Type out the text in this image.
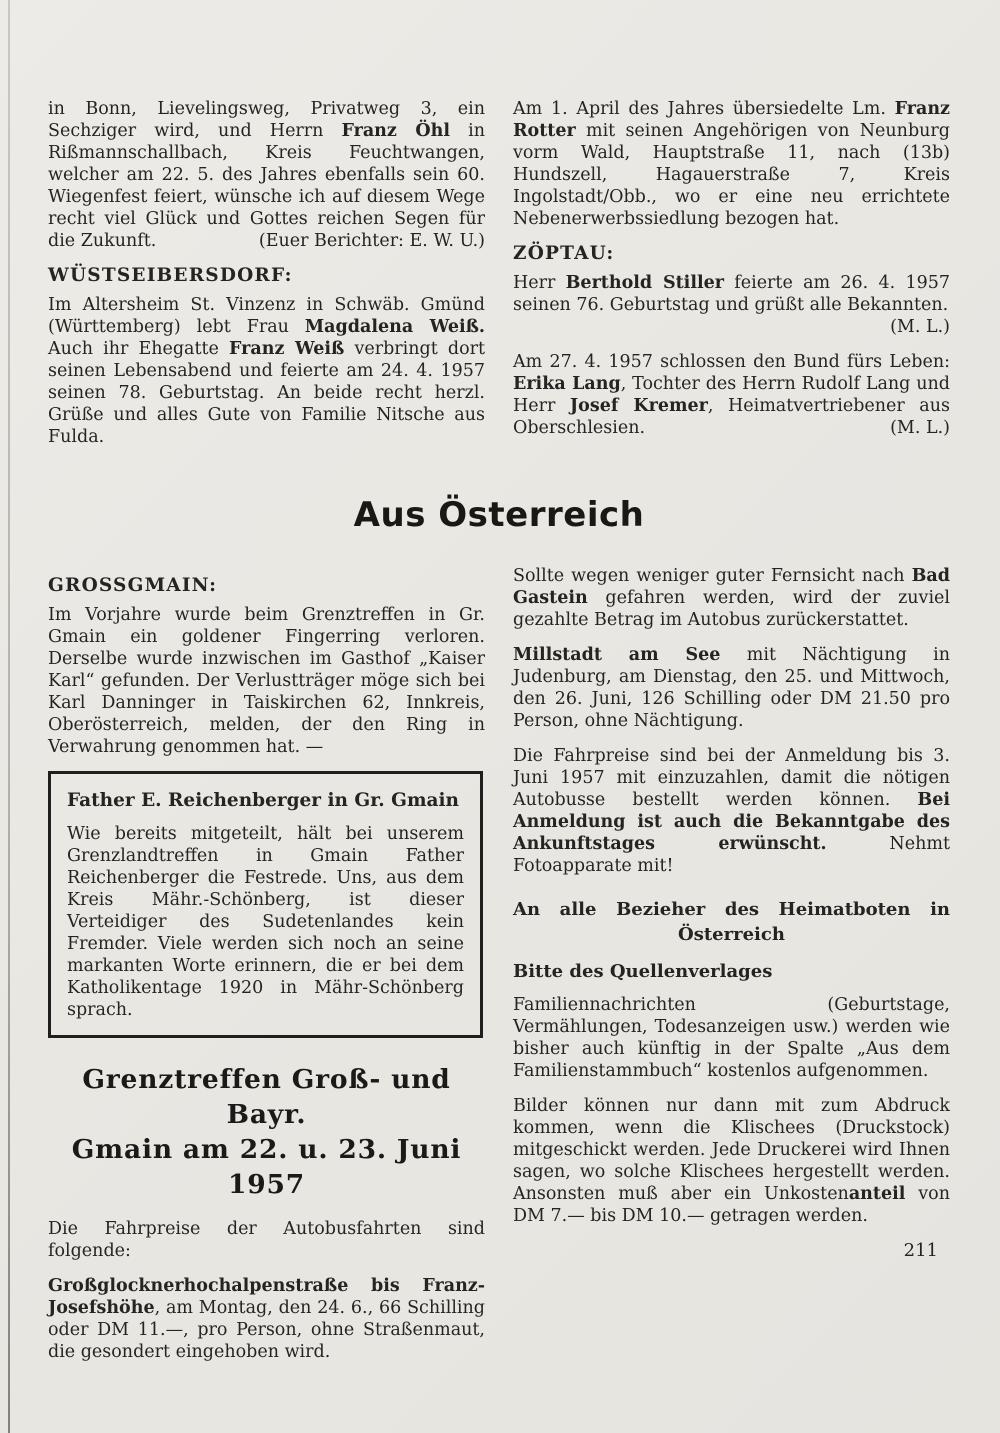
in Bonn, Lievelingsweg, Privatweg 3, ein Sechziger wird, und Herrn Franz Öhl in Rißmannschallbach, Kreis Feuchtwangen, welcher am 22. 5. des Jahres ebenfalls sein 60. Wiegenfest feiert, wünsche ich auf diesem Wege recht viel Glück und Gottes reichen Segen für die Zukunft.	(Euer Berichter: E. W. U.)

WÜSTSEIBERSDORF:

Im Altersheim St. Vinzenz in Schwäb. Gmünd (Württemberg) lebt Frau Magdalena Weiß. Auch ihr Ehegatte Franz Weiß verbringt dort seinen Lebensabend und feierte am 24. 4. 1957 seinen 78. Geburtstag. An beide recht herzl. Grüße und alles Gute von Familie Nitsche aus Fulda.

Am 1. April des Jahres übersiedelte Lm. Franz Rotter mit seinen Angehörigen von Neunburg vorm Wald, Hauptstraße 11, nach (13b) Hundszell, Hagauerstraße 7, Kreis Ingolstadt/Obb., wo er eine neu errichtete Nebenerwerbssiedlung bezogen hat.

ZÖPTAU:

Herr Berthold Stiller feierte am 26. 4. 1957 seinen 76. Geburtstag und grüßt alle Bekannten.
(M. L.)

Am 27. 4. 1957 schlossen den Bund fürs Leben: Erika Lang, Tochter des Herrn Rudolf Lang und Herr Josef Kremer, Heimatvertriebener aus Oberschlesien.	(M. L.)

Aus Österreich
GROSSGMAIN:

Im Vorjahre wurde beim Grenztreffen in Gr. Gmain ein goldener Fingerring verloren. Derselbe wurde inzwischen im Gasthof „Kaiser Karl“ gefunden. Der Verlustträger möge sich bei Karl Danninger in Taiskirchen 62, Innkreis, Oberösterreich, melden, der den Ring in Verwahrung genommen hat. —

Father E. Reichenberger in Gr. Gmain

Wie bereits mitgeteilt, hält bei unserem Grenzlandtreffen in Gmain Father Reichenberger die Festrede. Uns, aus dem Kreis Mähr.-Schönberg, ist dieser Verteidiger des Sudetenlandes kein Fremder. Viele werden sich noch an seine markanten Worte erinnern, die er bei dem Katholikentage 1920 in Mähr-Schönberg sprach.

Grenztreffen Groß- und Bayr.
Gmain am 22. u. 23. Juni 1957

Die Fahrpreise der Autobusfahrten sind folgende:

Großglocknerhochalpenstraße bis Franz-Josefshöhe, am Montag, den 24. 6., 66 Schilling oder DM 11.—, pro Person, ohne Straßenmaut, die gesondert eingehoben wird.

Sollte wegen weniger guter Fernsicht nach Bad Gastein gefahren werden, wird der zuviel gezahlte Betrag im Autobus zurückerstattet.

Millstadt am See mit Nächtigung in Judenburg, am Dienstag, den 25. und Mittwoch, den 26. Juni, 126 Schilling oder DM 21.50 pro Person, ohne Nächtigung.

Die Fahrpreise sind bei der Anmeldung bis 3. Juni 1957 mit einzuzahlen, damit die nötigen Autobusse bestellt werden können. Bei Anmeldung ist auch die Bekanntgabe des Ankunftstages erwünscht. Nehmt Fotoapparate mit!

An alle Bezieher des Heimatboten in Österreich
Bitte des Quellenverlages

Familiennachrichten (Geburtstage, Vermählungen, Todesanzeigen usw.) werden wie bisher auch künftig in der Spalte „Aus dem Familienstammbuch“ kostenlos aufgenommen.

Bilder können nur dann mit zum Abdruck kommen, wenn die Klischees (Druckstock) mitgeschickt werden. Jede Druckerei wird Ihnen sagen, wo solche Klischees hergestellt werden. Ansonsten muß aber ein Unkostenanteil von DM 7.— bis DM 10.— getragen werden.

211
